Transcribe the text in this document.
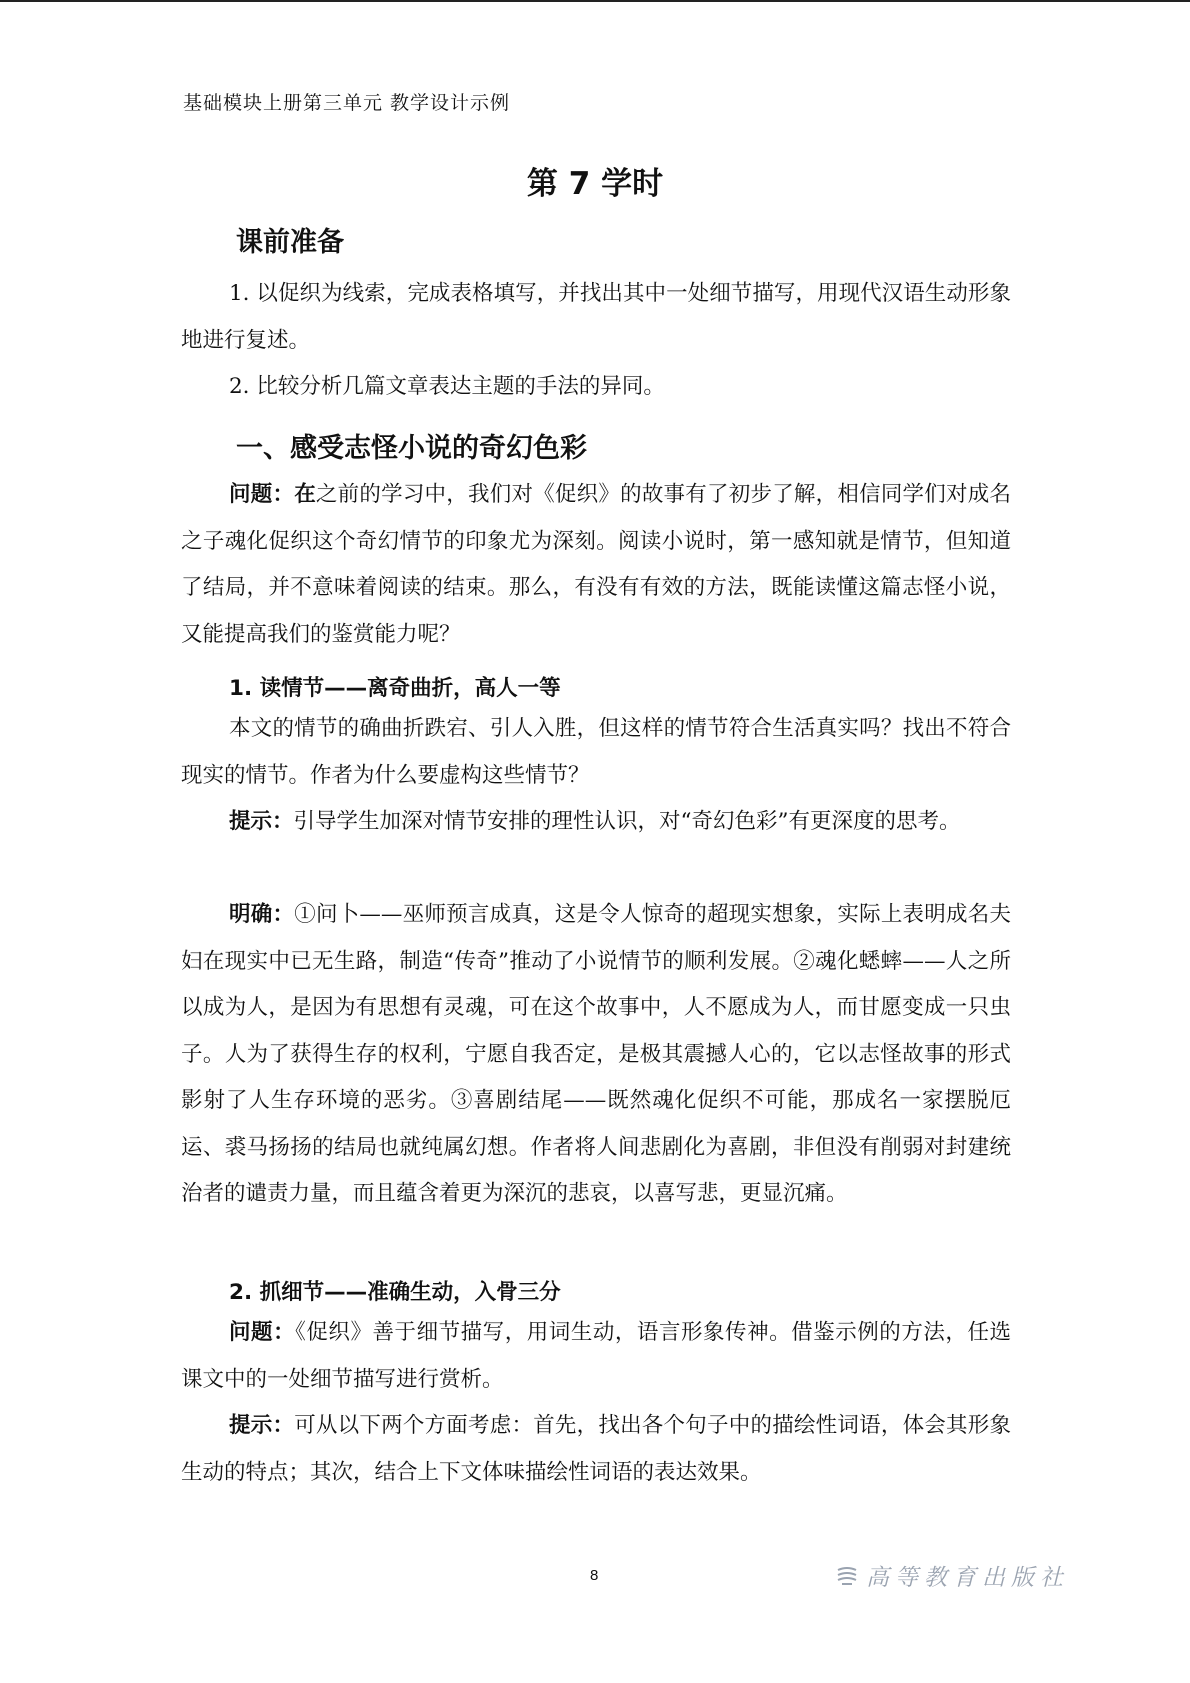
基础模块上册第三单元 教学设计示例
第 7 学时
课前准备

1. 以促织为线索，完成表格填写，并找出其中一处细节描写，用现代汉语生动形象地进行复述。

2. 比较分析几篇文章表达主题的手法的异同。

一、感受志怪小说的奇幻色彩

问题：在之前的学习中，我们对《促织》的故事有了初步了解，相信同学们对成名之子魂化促织这个奇幻情节的印象尤为深刻。阅读小说时，第一感知就是情节，但知道了结局，并不意味着阅读的结束。那么，有没有有效的方法，既能读懂这篇志怪小说，又能提高我们的鉴赏能力呢？

1. 读情节——离奇曲折，高人一等

本文的情节的确曲折跌宕、引人入胜，但这样的情节符合生活真实吗？找出不符合现实的情节。作者为什么要虚构这些情节？

提示：引导学生加深对情节安排的理性认识，对“奇幻色彩”有更深度的思考。

明确：①问卜——巫师预言成真，这是令人惊奇的超现实想象，实际上表明成名夫妇在现实中已无生路，制造“传奇”推动了小说情节的顺利发展。②魂化蟋蟀——人之所以成为人，是因为有思想有灵魂，可在这个故事中，人不愿成为人，而甘愿变成一只虫子。人为了获得生存的权利，宁愿自我否定，是极其震撼人心的，它以志怪故事的形式影射了人生存环境的恶劣。③喜剧结尾——既然魂化促织不可能，那成名一家摆脱厄运、裘马扬扬的结局也就纯属幻想。作者将人间悲剧化为喜剧，非但没有削弱对封建统治者的谴责力量，而且蕴含着更为深沉的悲哀，以喜写悲，更显沉痛。

2. 抓细节——准确生动，入骨三分

问题：《促织》善于细节描写，用词生动，语言形象传神。借鉴示例的方法，任选课文中的一处细节描写进行赏析。

提示：可从以下两个方面考虑：首先，找出各个句子中的描绘性词语，体会其形象生动的特点；其次，结合上下文体味描绘性词语的表达效果。

8	高等教育出版社
